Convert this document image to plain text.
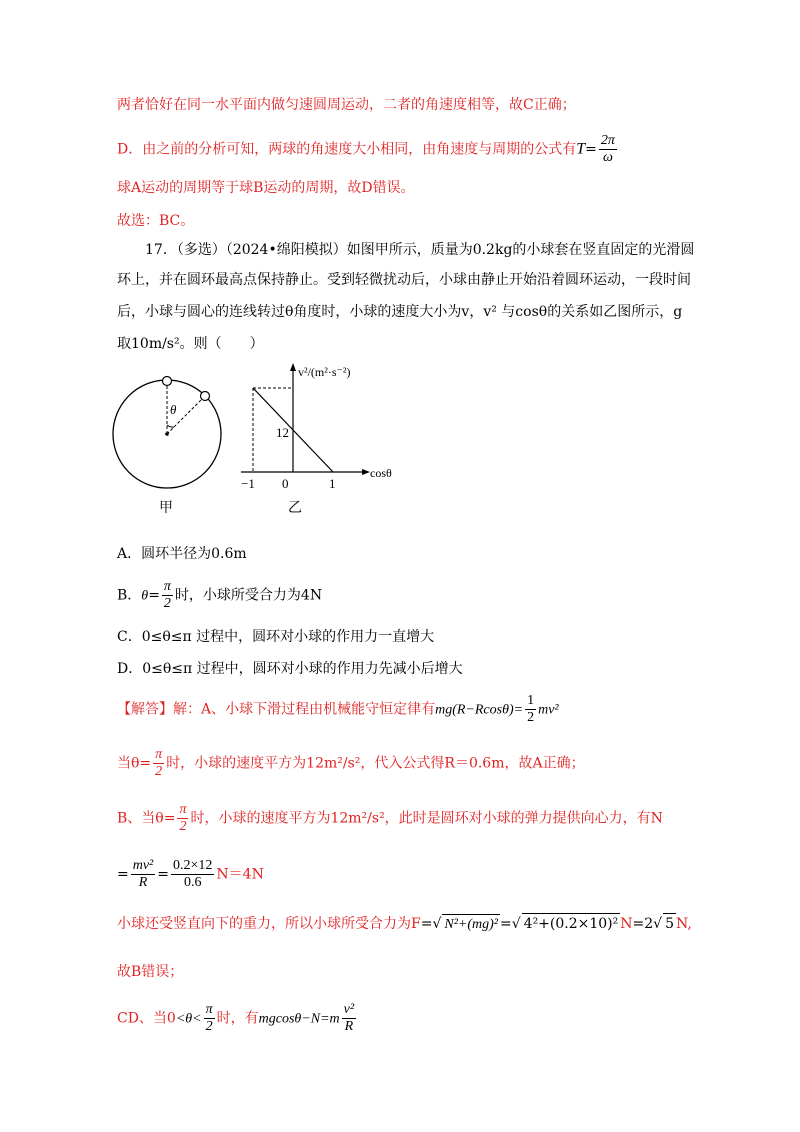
两者恰好在同一水平面内做匀速圆周运动，二者的角速度相等，故C正确；
D．由之前的分析可知，两球的角速度大小相同，由角速度与周期的公式有$T= \frac{2\pi}{\omega}$
球A运动的周期等于球B运动的周期，故D错误。
故选：BC。
17．（多选）（2024•绵阳模拟）如图甲所示，质量为0.2kg的小球套在竖直固定的光滑圆
环上，并在圆环最高点保持静止。受到轻微扰动后，小球由静止开始沿着圆环运动，一段时间
后，小球与圆心的连线转过θ角度时，小球的速度大小为v，v² 与cosθ的关系如乙图所示，g
取10m/s²。则（　　）
θ
甲
v²/(m²·s⁻²)
cosθ
−1 0	1
12
乙
A．圆环半径为0.6m
B．$\theta= \frac{\pi}{2}$ 时，小球所受合力为4N
C．0≤θ≤π 过程中，圆环对小球的作用力一直增大
D．0≤θ≤π 过程中，圆环对小球的作用力先减小后增大
【解答】解：A、小球下滑过程由机械能守恒定律有$mg(R-Rcos\theta)= \frac{1}{2} mv^2$
当$\theta= \frac{\pi}{2}$ 时，小球的速度平方为12m²/s²，代入公式得R＝0.6m，故A正确；
B、当$\theta= \frac{\pi}{2}$ 时，小球的速度平方为12m²/s²，此时是圆环对小球的弹力提供向心力，有N
= $\frac{\text{mv²}}{R} = \frac{0.2\times 12}{0.6} N=4N$
小球还受竖直向下的重力，所以小球所受合力为F=√ N²+(mg)² =√ 4²+(0.2×10)² N=2√ 5 N,
故B错误；
CD、当$0<\theta< \frac{\pi}{2}$ 时，有$mgcos\theta-N=m \frac{\text{v²}}{R}$
